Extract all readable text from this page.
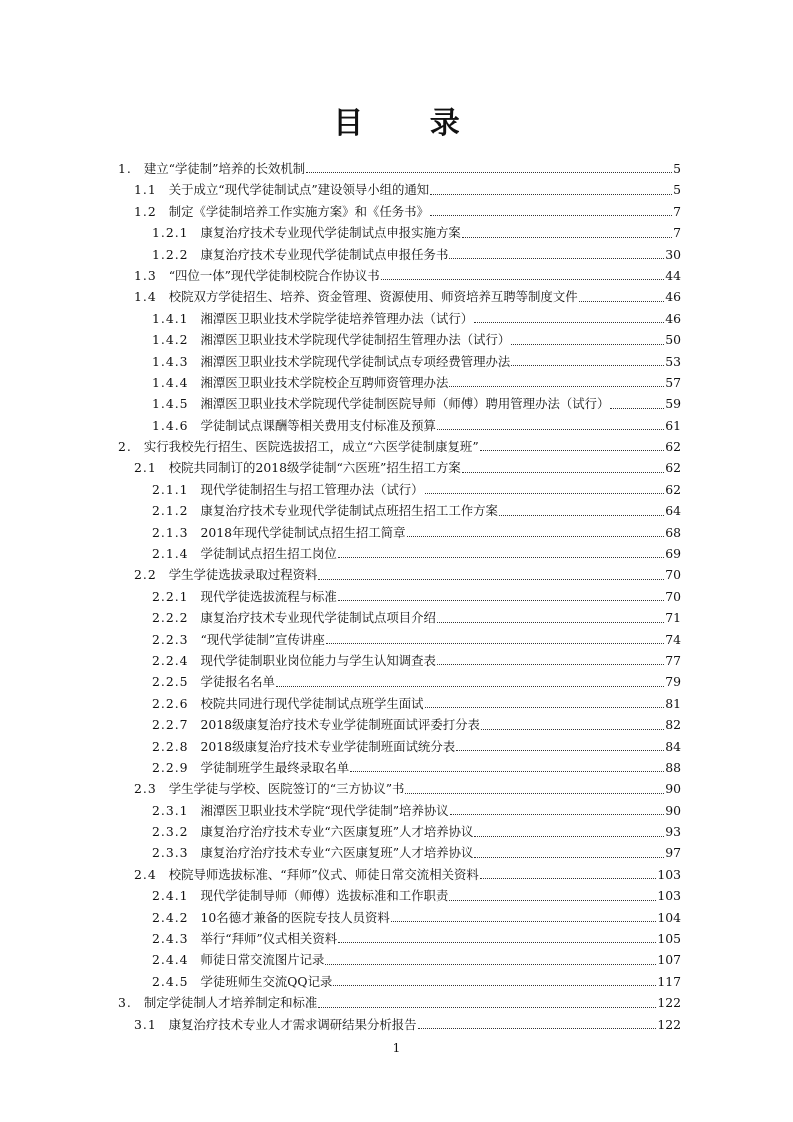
目 录
1. 建立“学徒制”培养的长效机制	5
1.1 关于成立“现代学徒制试点”建设领导小组的通知	5
1.2 制定《学徒制培养工作实施方案》和《任务书》	7
1.2.1 康复治疗技术专业现代学徒制试点申报实施方案	7
1.2.2 康复治疗技术专业现代学徒制试点申报任务书	30
1.3 “四位一体”现代学徒制校院合作协议书	44
1.4 校院双方学徒招生、培养、资金管理、资源使用、师资培养互聘等制度文件	46
1.4.1 湘潭医卫职业技术学院学徒培养管理办法（试行）	46
1.4.2 湘潭医卫职业技术学院现代学徒制招生管理办法（试行）	50
1.4.3 湘潭医卫职业技术学院现代学徒制试点专项经费管理办法	53
1.4.4 湘潭医卫职业技术学院校企互聘师资管理办法	57
1.4.5 湘潭医卫职业技术学院现代学徒制医院导师（师傅）聘用管理办法（试行）	59
1.4.6 学徒制试点课酬等相关费用支付标准及预算	61
2. 实行我校先行招生、医院选拔招工，成立“六医学徒制康复班”	62
2.1 校院共同制订的2018级学徒制“六医班”招生招工方案	62
2.1.1 现代学徒制招生与招工管理办法（试行）	62
2.1.2 康复治疗技术专业现代学徒制试点班招生招工工作方案	64
2.1.3 2018年现代学徒制试点招生招工简章	68
2.1.4 学徒制试点招生招工岗位	69
2.2 学生学徒选拔录取过程资料	70
2.2.1 现代学徒选拔流程与标准	70
2.2.2 康复治疗技术专业现代学徒制试点项目介绍	71
2.2.3 “现代学徒制”宣传讲座	74
2.2.4 现代学徒制职业岗位能力与学生认知调查表	77
2.2.5 学徒报名名单	79
2.2.6 校院共同进行现代学徒制试点班学生面试	81
2.2.7 2018级康复治疗技术专业学徒制班面试评委打分表	82
2.2.8 2018级康复治疗技术专业学徒制班面试统分表	84
2.2.9 学徒制班学生最终录取名单	88
2.3 学生学徒与学校、医院签订的“三方协议”书	90
2.3.1 湘潭医卫职业技术学院“现代学徒制”培养协议	90
2.3.2 康复治疗治疗技术专业“六医康复班”人才培养协议	93
2.3.3 康复治疗治疗技术专业“六医康复班”人才培养协议	97
2.4 校院导师选拔标准、“拜师”仪式、师徒日常交流相关资料	103
2.4.1 现代学徒制导师（师傅）选拔标准和工作职责	103
2.4.2 10名德才兼备的医院专技人员资料	104
2.4.3 举行“拜师”仪式相关资料	105
2.4.4 师徒日常交流图片记录	107
2.4.5 学徒班师生交流QQ记录	117
3. 制定学徒制人才培养制定和标准	122
3.1 康复治疗技术专业人才需求调研结果分析报告	122
1
